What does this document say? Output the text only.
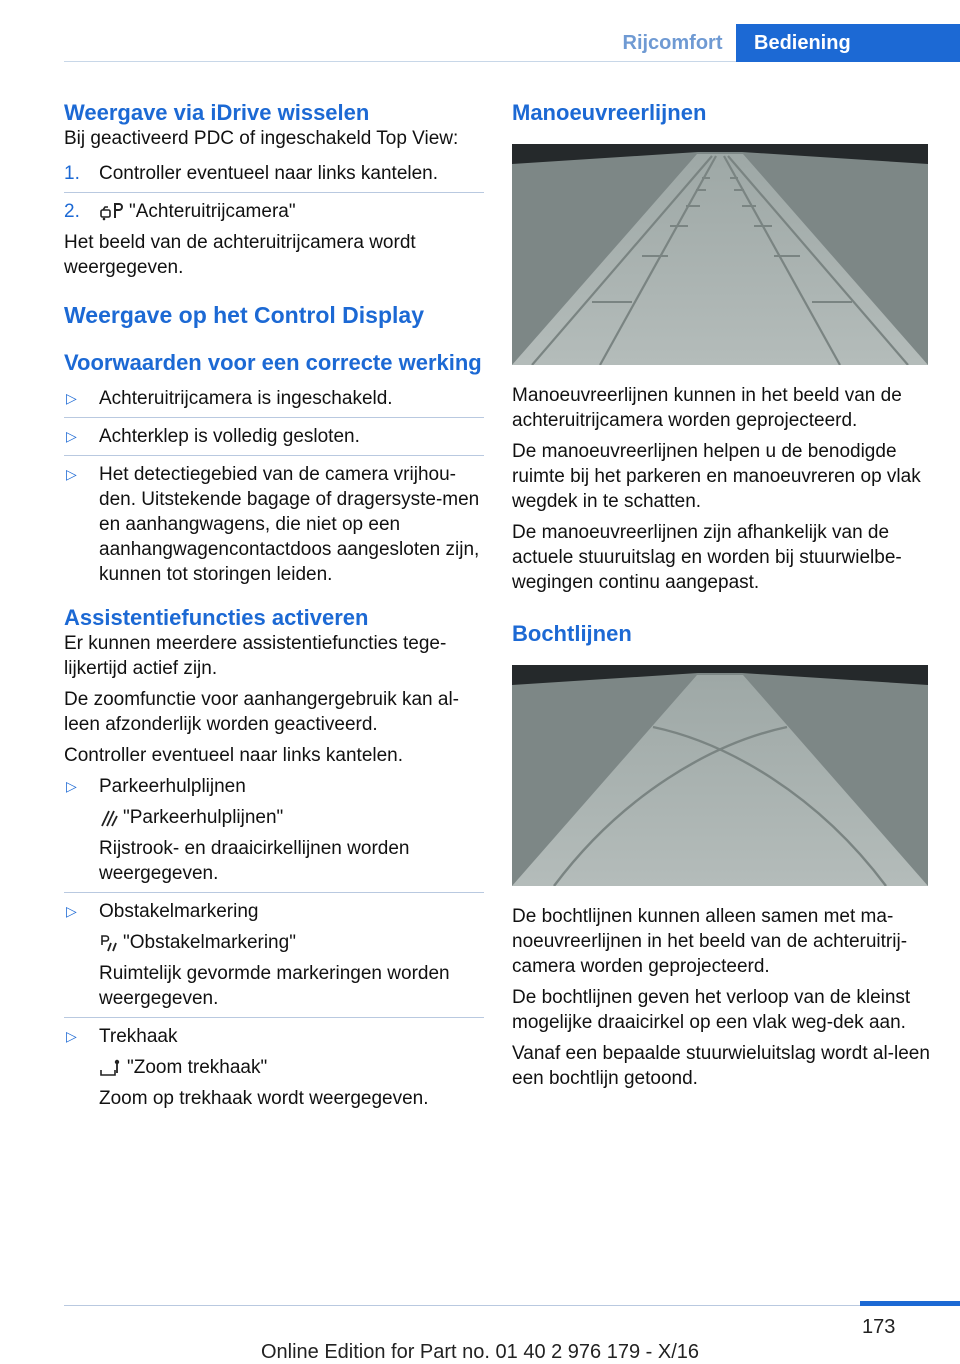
Rijcomfort	Bediening
Weergave via iDrive wisselen

Bij geactiveerd PDC of ingeschakeld Top View:

1.	Controller eventueel naar links kantelen.
2.	"Achteruitrijcamera"

Het beeld van de achteruitrijcamera wordt weergegeven.

Weergave op het Control Display
Voorwaarden voor een correcte werking
▷	Achteruitrijcamera is ingeschakeld.
▷	Achterklep is volledig gesloten.
▷	Het detectiegebied van de camera vrijhou-den. Uitstekende bagage of dragersyste-men en aanhangwagens, die niet op een aanhangwagencontactdoos aangesloten zijn, kunnen tot storingen leiden.
Assistentiefuncties activeren

Er kunnen meerdere assistentiefuncties tege-lijkertijd actief zijn.

De zoomfunctie voor aanhangergebruik kan al-leen afzonderlijk worden geactiveerd.

Controller eventueel naar links kantelen.

▷	Parkeerhulplijnen

"Parkeerhulplijnen"

Rijstrook- en draaicirkellijnen worden weergegeven.

▷	Obstakelmarkering

"Obstakelmarkering"

Ruimtelijk gevormde markeringen worden weergegeven.

▷	Trekhaak

"Zoom trekhaak"

Zoom op trekhaak wordt weergegeven.

Manoeuvreerlijnen

Manoeuvreerlijnen kunnen in het beeld van de achteruitrijcamera worden geprojecteerd.

De manoeuvreerlijnen helpen u de benodigde ruimte bij het parkeren en manoeuvreren op vlak wegdek in te schatten.

De manoeuvreerlijnen zijn afhankelijk van de actuele stuuruitslag en worden bij stuurwielbe-wegingen continu aangepast.

Bochtlijnen

De bochtlijnen kunnen alleen samen met ma-noeuvreerlijnen in het beeld van de achteruitrij-camera worden geprojecteerd.

De bochtlijnen geven het verloop van de kleinst mogelijke draaicirkel op een vlak weg-dek aan.

Vanaf een bepaalde stuurwieluitslag wordt al-leen een bochtlijn getoond.

173
Online Edition for Part no. 01 40 2 976 179 - X/16
